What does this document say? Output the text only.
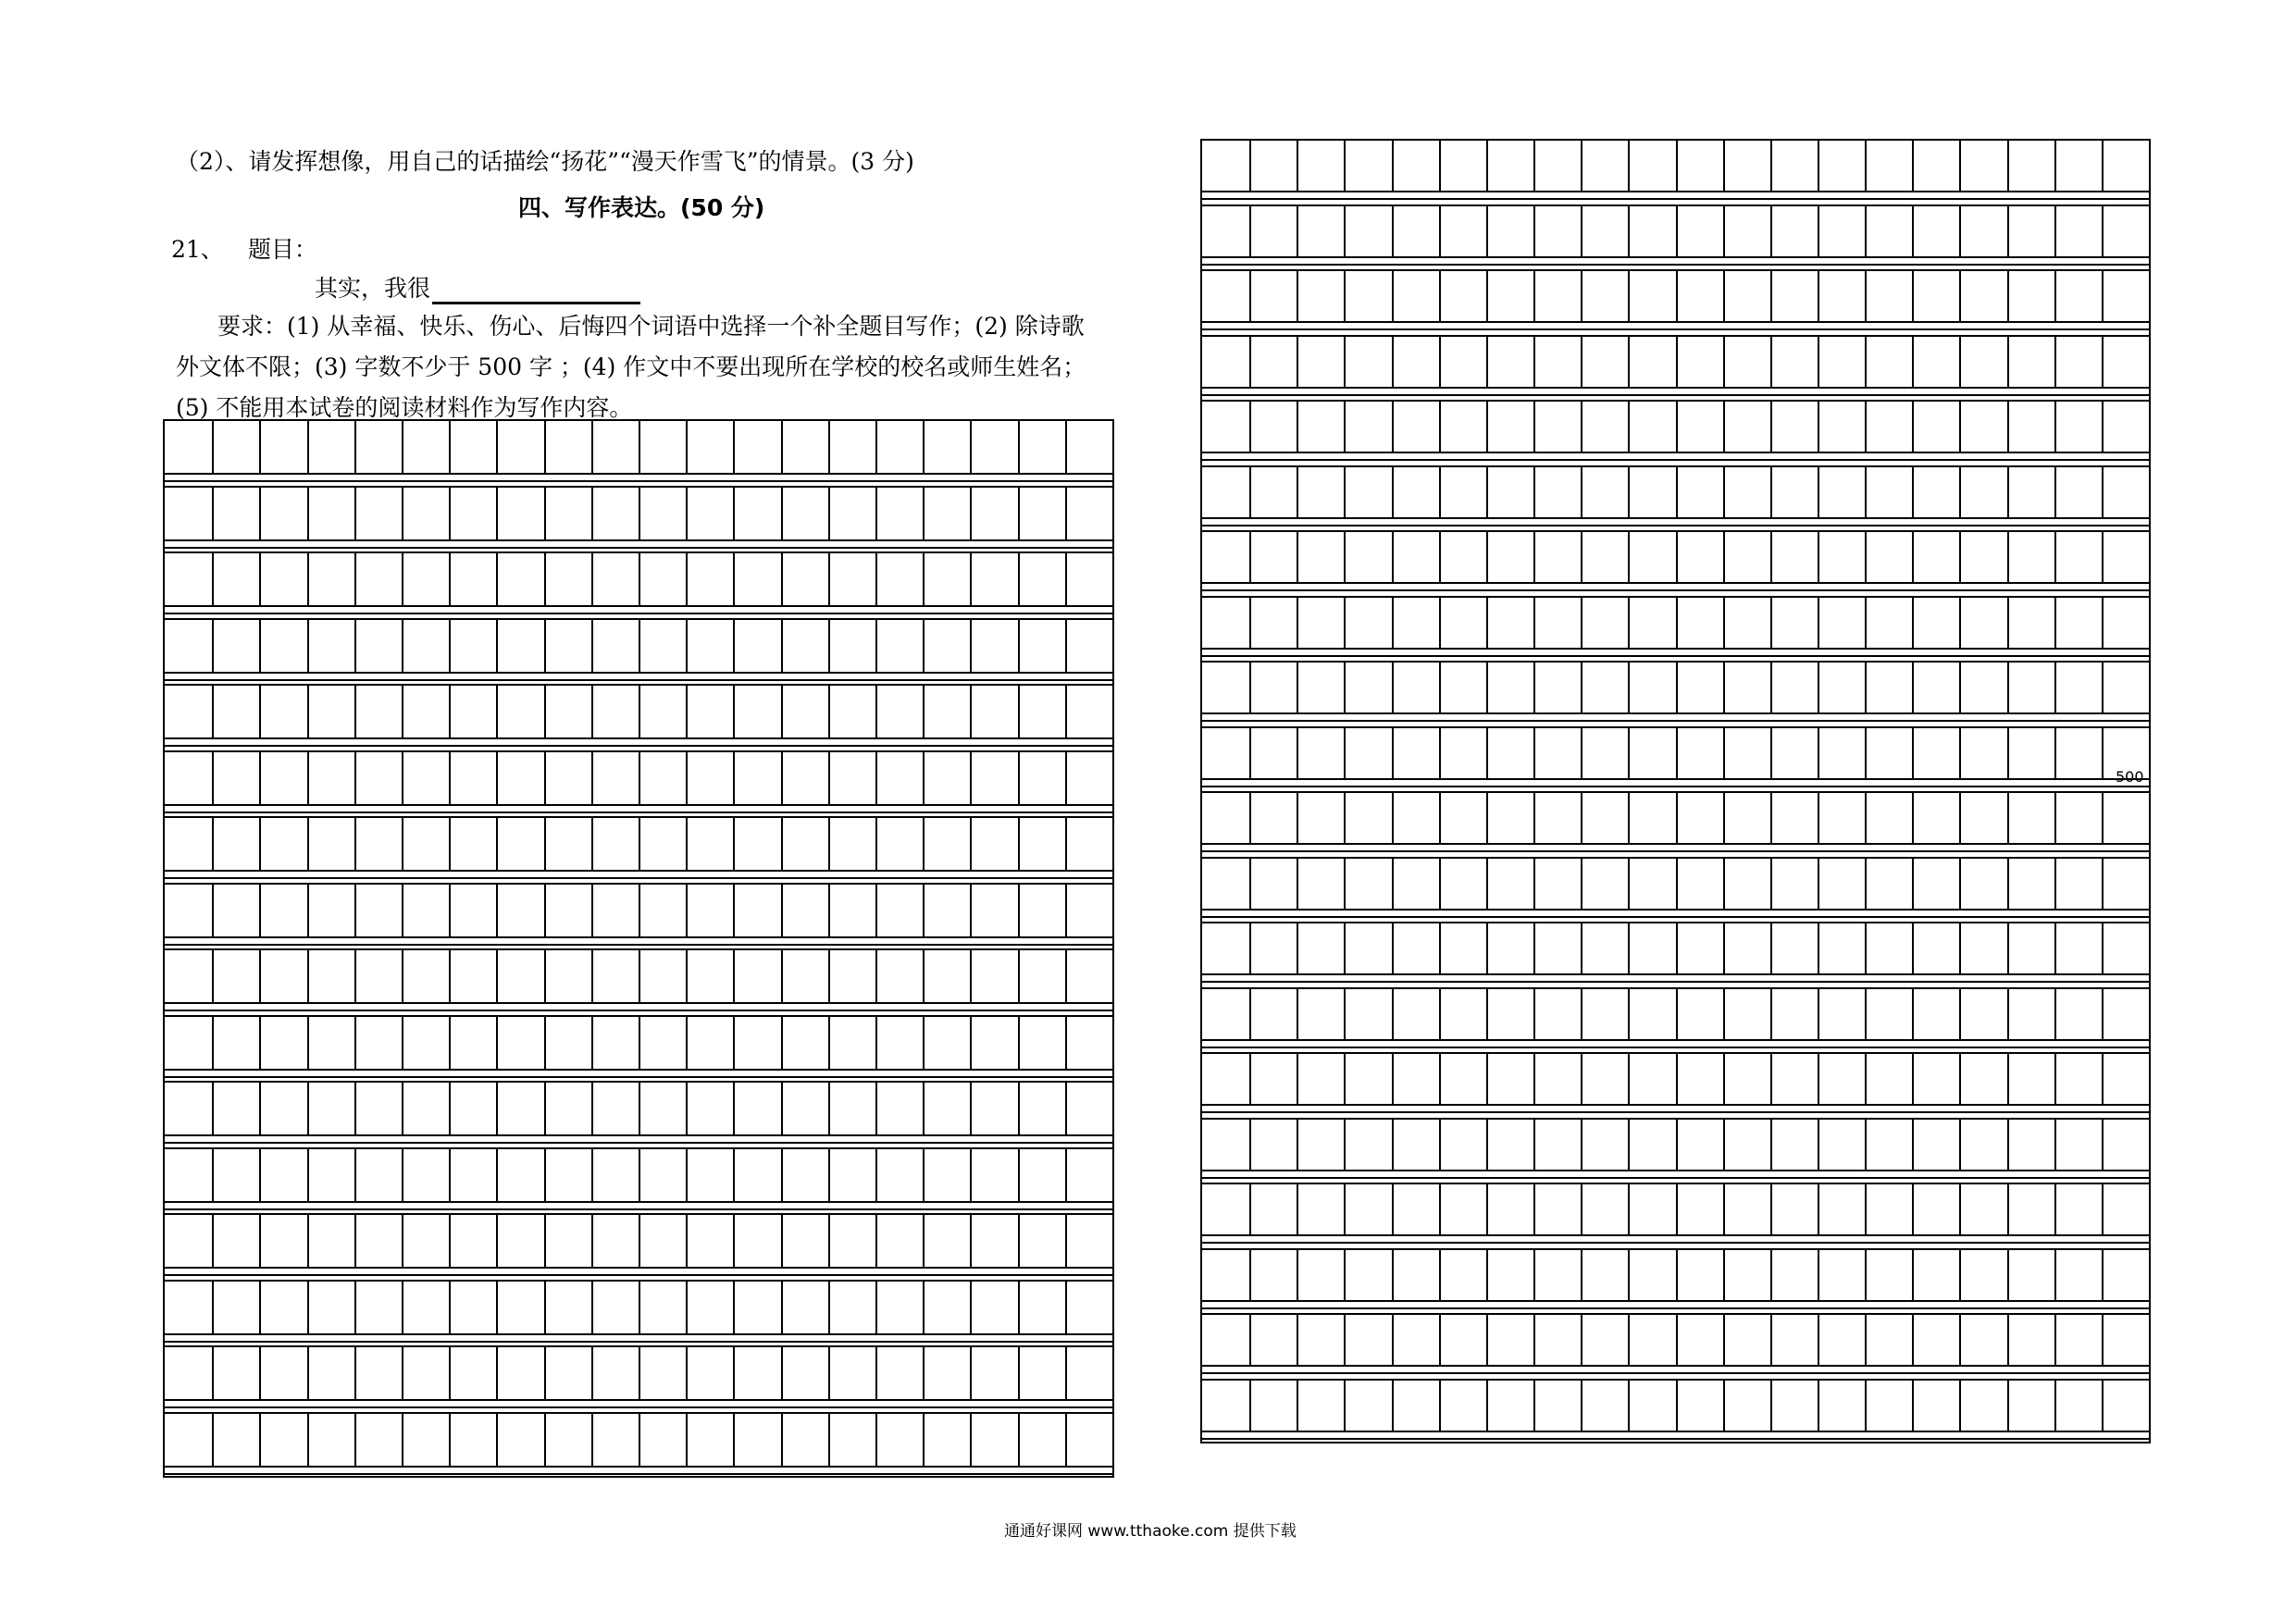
（2）、请发挥想像，用自己的话描绘“扬花”“漫天作雪飞”的情景。(3 分)
四、写作表达。(50 分)
21、 题目：
其实，我很
要求：(1) 从幸福、快乐、伤心、后悔四个词语中选择一个补全题目写作；(2) 除诗歌
外文体不限；(3) 字数不少于 500 字 ；(4) 作文中不要出现所在学校的校名或师生姓名；
(5) 不能用本试卷的阅读材料作为写作内容。
500
通通好课网 www.tthaoke.com 提供下载
